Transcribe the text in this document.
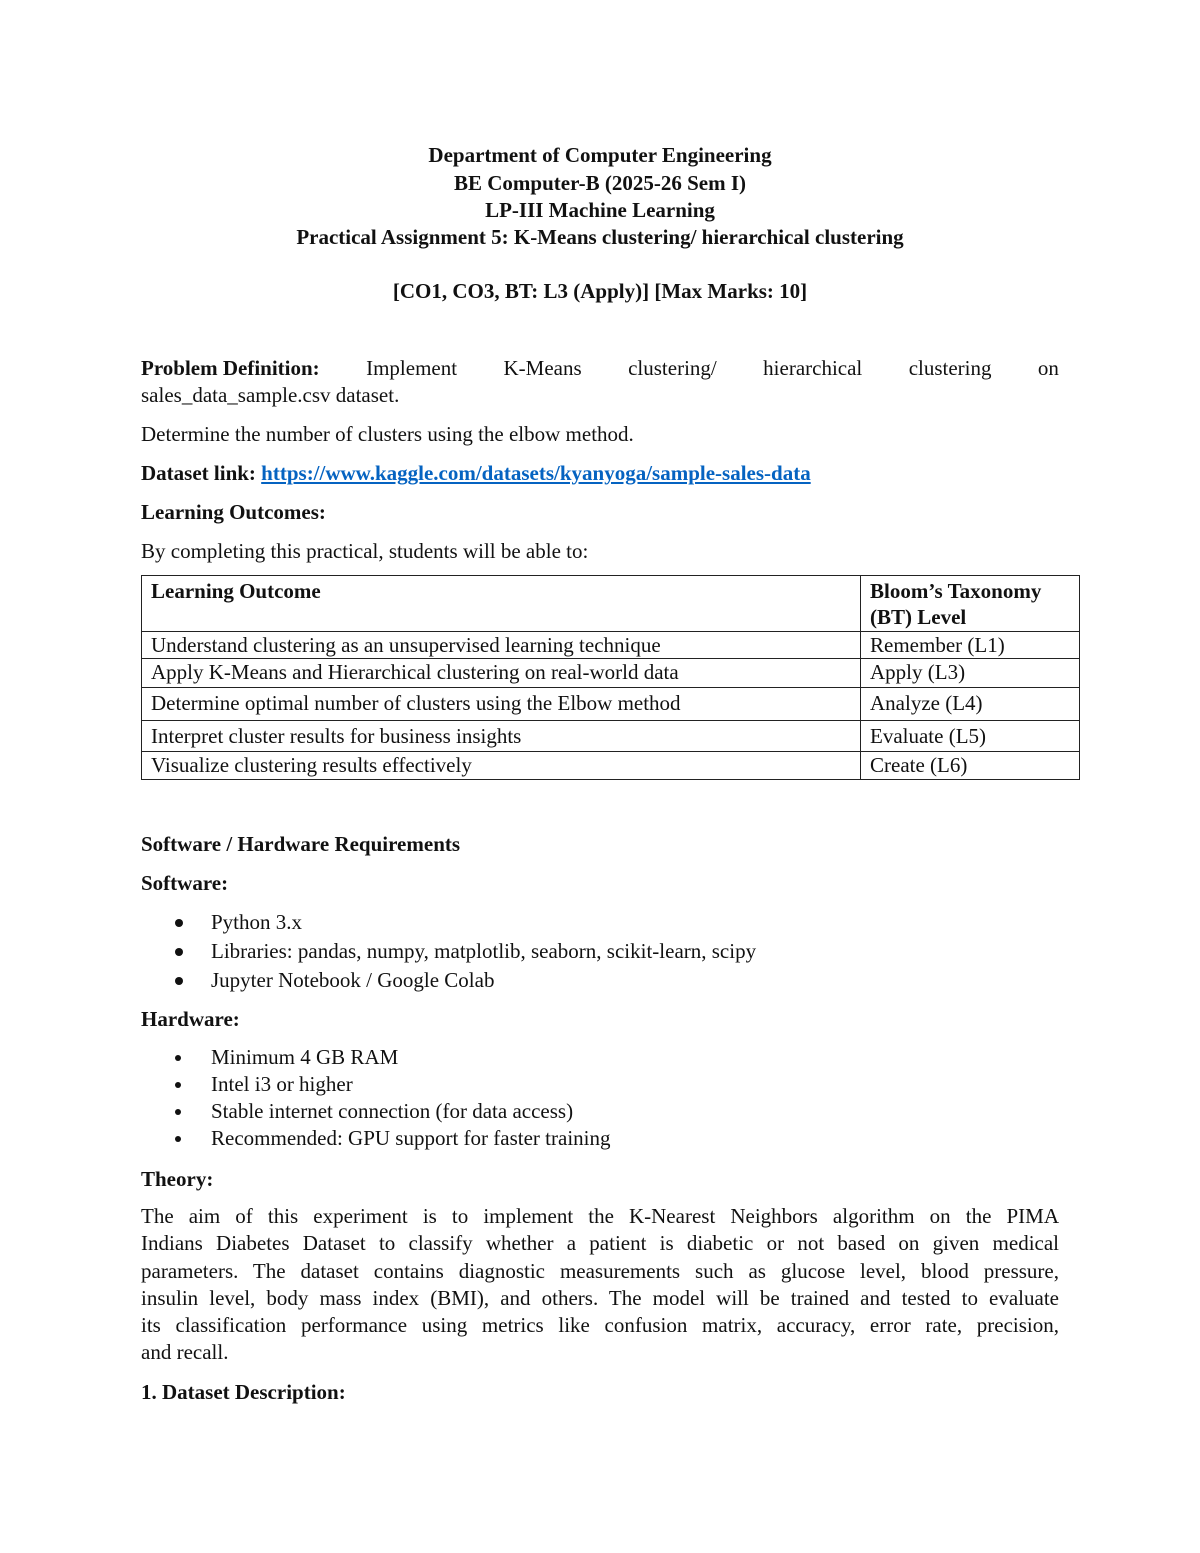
Department of Computer Engineering
BE Computer-B (2025-26 Sem I)
LP-III Machine Learning
Practical Assignment 5: K-Means clustering/ hierarchical clustering
[CO1, CO3, BT: L3 (Apply)] [Max Marks: 10]
Problem Definition: Implement K-Means clustering/ hierarchical clustering on
sales_data_sample.csv dataset.
Determine the number of clusters using the elbow method.
Dataset link: https://www.kaggle.com/datasets/kyanyoga/sample-sales-data
Learning Outcomes:
By completing this practical, students will be able to:
Learning Outcome	Bloom’s Taxonomy (BT) Level
Understand clustering as an unsupervised learning technique	Remember (L1)
Apply K-Means and Hierarchical clustering on real-world data	Apply (L3)
Determine optimal number of clusters using the Elbow method	Analyze (L4)
Interpret cluster results for business insights	Evaluate (L5)
Visualize clustering results effectively	Create (L6)
Software / Hardware Requirements
Software:
Python 3.x
Libraries: pandas, numpy, matplotlib, seaborn, scikit-learn, scipy
Jupyter Notebook / Google Colab
Hardware:
Minimum 4 GB RAM
Intel i3 or higher
Stable internet connection (for data access)
Recommended: GPU support for faster training
Theory:
The aim of this experiment is to implement the K-Nearest Neighbors algorithm on the PIMA
Indians Diabetes Dataset to classify whether a patient is diabetic or not based on given medical
parameters. The dataset contains diagnostic measurements such as glucose level, blood pressure,
insulin level, body mass index (BMI), and others. The model will be trained and tested to evaluate
its classification performance using metrics like confusion matrix, accuracy, error rate, precision,
and recall.
1. Dataset Description:
